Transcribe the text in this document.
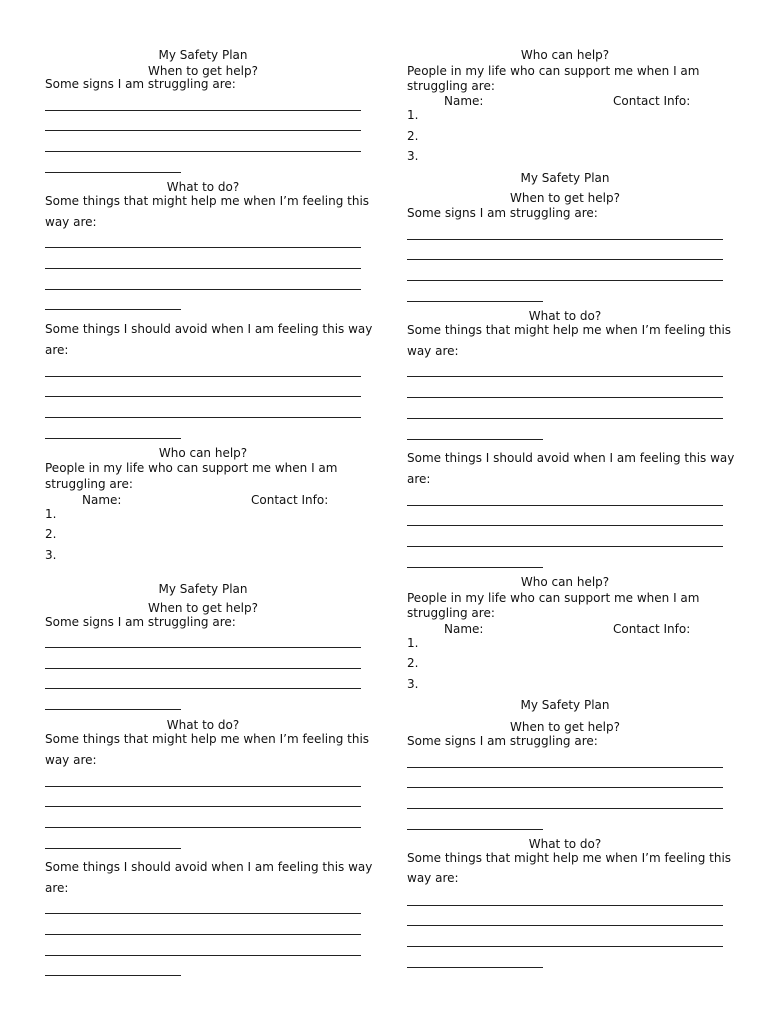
My Safety Plan
When to get help?
Some signs I am struggling are:
What to do?
Some things that might help me when I’m feeling this
way are:
Some things I should avoid when I am feeling this way
are:
Who can help?
People in my life who can support me when I am
struggling are:
Name:	Contact Info:
1.
2.
3.
My Safety Plan
When to get help?
Some signs I am struggling are:
What to do?
Some things that might help me when I’m feeling this
way are:
Some things I should avoid when I am feeling this way
are:
Who can help?
People in my life who can support me when I am
struggling are:
Name:	Contact Info:
1.
2.
3.
My Safety Plan
When to get help?
Some signs I am struggling are:
What to do?
Some things that might help me when I’m feeling this
way are:
Some things I should avoid when I am feeling this way
are:
Who can help?
People in my life who can support me when I am
struggling are:
Name:	Contact Info:
1.
2.
3.
My Safety Plan
When to get help?
Some signs I am struggling are:
What to do?
Some things that might help me when I’m feeling this
way are:
